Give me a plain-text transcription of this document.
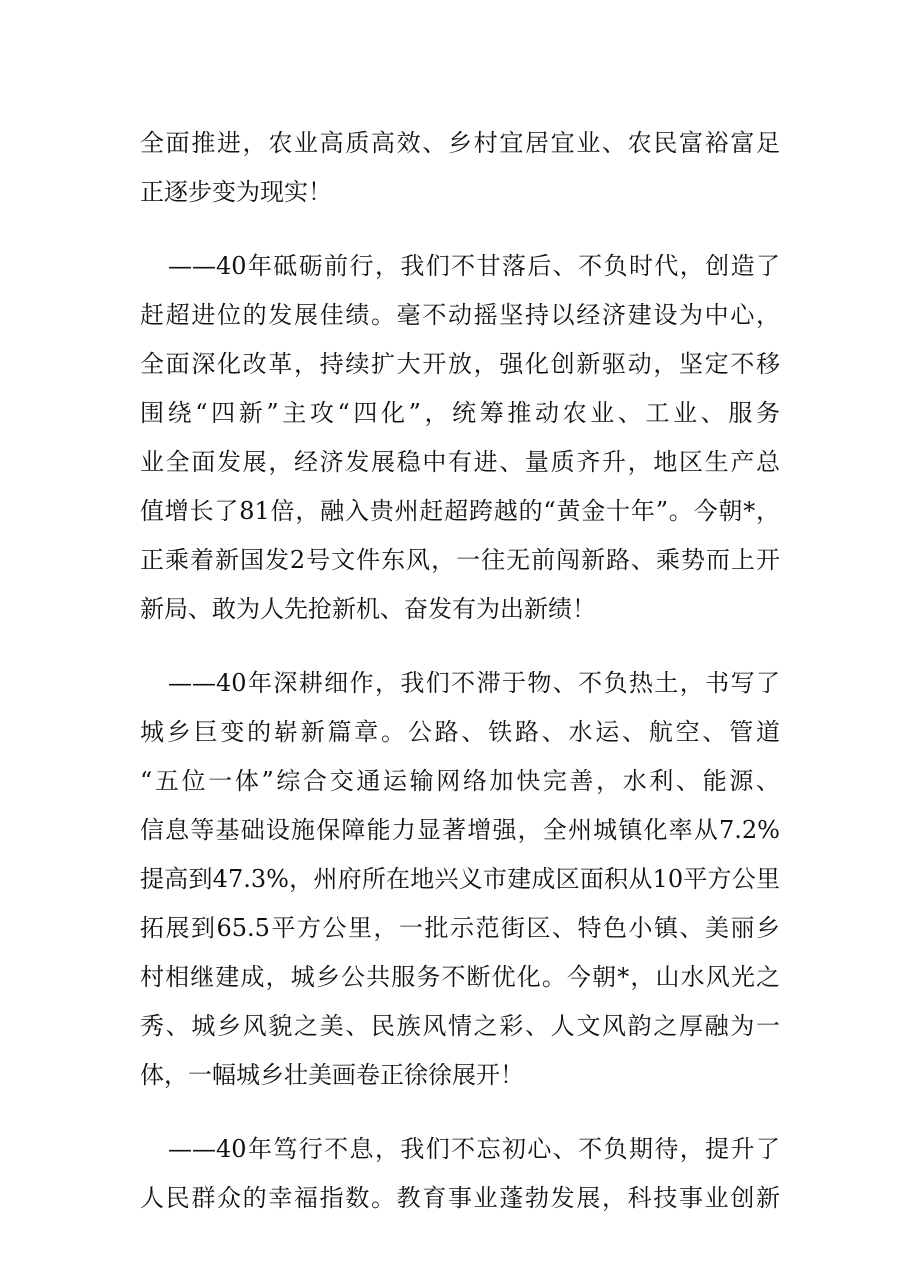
全面推进，农业高质高效、乡村宜居宜业、农民富裕富足
正逐步变为现实！
——40年砥砺前行，我们不甘落后、不负时代，创造了
赶超进位的发展佳绩。毫不动摇坚持以经济建设为中心，
全面深化改革，持续扩大开放，强化创新驱动，坚定不移
围绕“四新”主攻“四化”，统筹推动农业、工业、服务
业全面发展，经济发展稳中有进、量质齐升，地区生产总
值增长了81倍，融入贵州赶超跨越的“黄金十年”。今朝*，
正乘着新国发2号文件东风，一往无前闯新路、乘势而上开
新局、敢为人先抢新机、奋发有为出新绩！
——40年深耕细作，我们不滞于物、不负热土，书写了
城乡巨变的崭新篇章。公路、铁路、水运、航空、管道
“五位一体”综合交通运输网络加快完善，水利、能源、
信息等基础设施保障能力显著增强，全州城镇化率从7.2%
提高到47.3%，州府所在地兴义市建成区面积从10平方公里
拓展到65.5平方公里，一批示范街区、特色小镇、美丽乡
村相继建成，城乡公共服务不断优化。今朝*，山水风光之
秀、城乡风貌之美、民族风情之彩、人文风韵之厚融为一
体，一幅城乡壮美画卷正徐徐展开！
——40年笃行不息，我们不忘初心、不负期待，提升了
人民群众的幸福指数。教育事业蓬勃发展，科技事业创新
